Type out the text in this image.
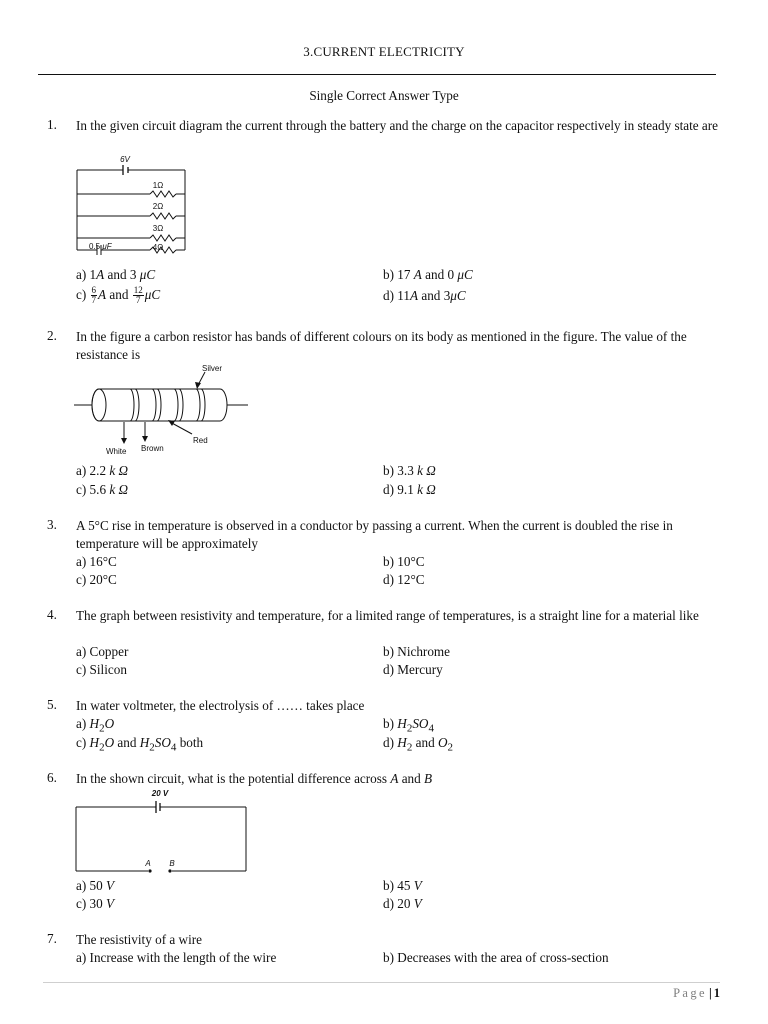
3.CURRENT ELECTRICITY
Single Correct Answer Type
1. In the given circuit diagram the current through the battery and the charge on the capacitor respectively in steady state are
6V
1Ω
2Ω
3Ω
4Ω
0.5 μF
a) 1A and 3 μC	b) 17 A and 0 μC
$c) \frac{6}{7}$ A and $\frac{12}{7}$ μC	d) 11A and 3μC
2. In the figure a carbon resistor has bands of different colours on its body as mentioned in the figure. The value of the resistance is
Silver
White Brown
Red
a) 2.2 k Ω	b) 3.3 k Ω
c) 5.6 k Ω	d) 9.1 k Ω
3. A 5°C rise in temperature is observed in a conductor by passing a current. When the current is doubled the rise in temperature will be approximately
a) 16°C	b) 10°C
c) 20°C	d) 12°C
4. The graph between resistivity and temperature, for a limited range of temperatures, is a straight line for a material like
a) Copper	b) Nichrome
c) Silicon	d) Mercury
5. In water voltmeter, the electrolysis of …… takes place
a) $H_2O$	b) $H_2SO_4$
c) $H_2O$ and $H_2SO_4$ both	d) $H_2$ and $O_2$
6. In the shown circuit, what is the potential difference across A and B
20 V
A B
a) 50 V	b) 45 V
c) 30 V	d) 20 V
7. The resistivity of a wire
a) Increase with the length of the wire	b) Decreases with the area of cross-section
Page | 1
